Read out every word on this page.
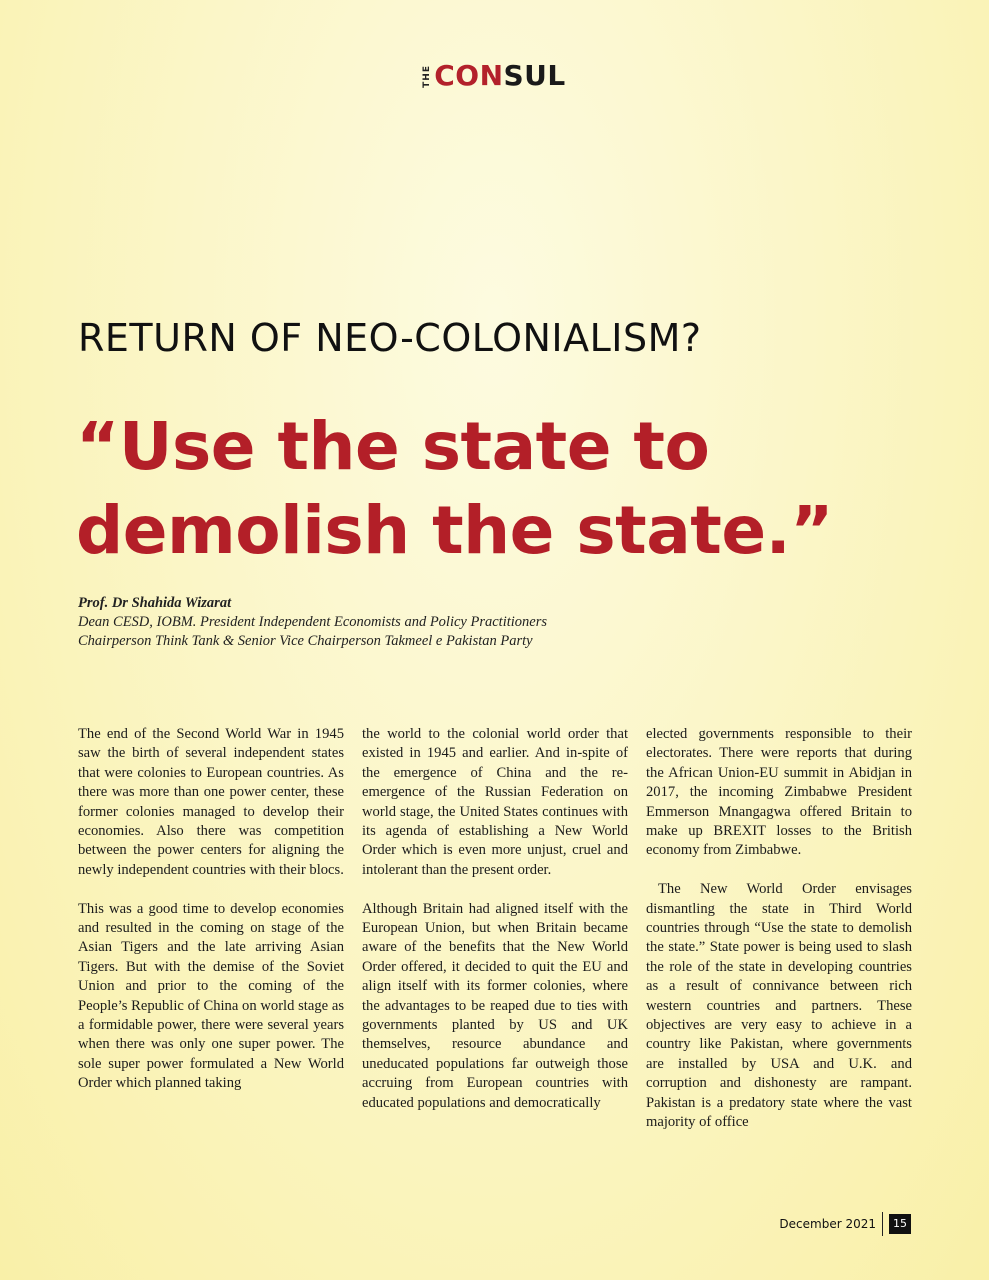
THE CONSUL
RETURN OF NEO-COLONIALISM?
“Use the state to
demolish the state.”
Prof. Dr Shahida Wizarat
Dean CESD, IOBM. President Independent Economists and Policy Practitioners
Chairperson Think Tank & Senior Vice Chairperson Takmeel e Pakistan Party

The end of the Second World War in 1945 saw the birth of several independent states that were colonies to European countries. As there was more than one power center, these former colonies managed to develop their economies. Also there was competition between the power centers for aligning the newly independent countries with their blocs.

This was a good time to develop economies and resulted in the coming on stage of the Asian Tigers and the late arriving Asian Tigers. But with the demise of the Soviet Union and prior to the coming of the People’s Republic of China on world stage as a formidable power, there were several years when there was only one super power. The sole super power formulated a New World Order which planned taking

the world to the colonial world order that existed in 1945 and earlier. And in-spite of the emergence of China and the re-emergence of the Russian Federation on world stage, the United States continues with its agenda of establishing a New World Order which is even more unjust, cruel and intolerant than the present order.

Although Britain had aligned itself with the European Union, but when Britain became aware of the benefits that the New World Order offered, it decided to quit the EU and align itself with its former colonies, where the advantages to be reaped due to ties with governments planted by US and UK themselves, resource abundance and uneducated populations far outweigh those accruing from European countries with educated populations and democratically

elected governments responsible to their electorates. There were reports that during the African Union-EU summit in Abidjan in 2017, the incoming Zimbabwe President Emmerson Mnangagwa offered Britain to make up BREXIT losses to the British economy from Zimbabwe.

The New World Order envisages dismantling the state in Third World countries through “Use the state to demolish the state.” State power is being used to slash the role of the state in developing countries as a result of connivance between rich western countries and partners. These objectives are very easy to achieve in a country like Pakistan, where governments are installed by USA and U.K. and corruption and dishonesty are rampant. Pakistan is a predatory state where the vast majority of office

December 2021	15
